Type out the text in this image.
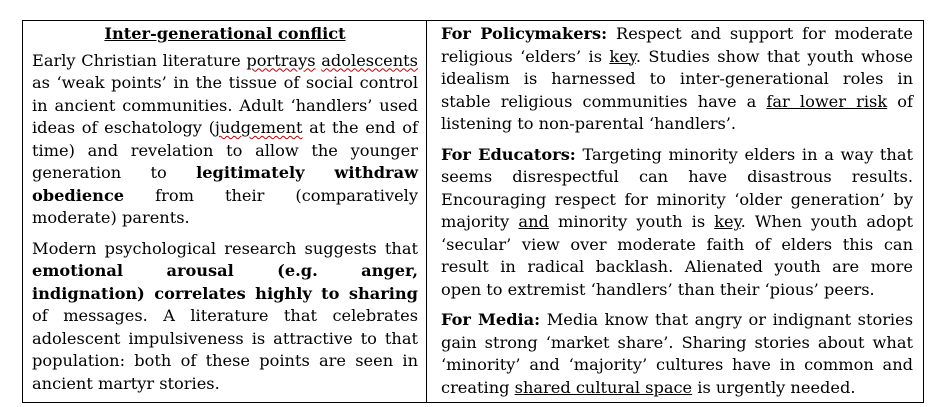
Inter-generational conflict

Early Christian literature portrays adolescents as ‘weak points’ in the tissue of social control in ancient communities. Adult ‘handlers’ used ideas of eschatology (judgement at the end of time) and revelation to allow the younger generation to legitimately withdraw obedience from their (comparatively moderate) parents.

Modern psychological research suggests that emotional arousal (e.g. anger, indignation) correlates highly to sharing of messages. A literature that celebrates adolescent impulsiveness is attractive to that population: both of these points are seen in ancient martyr stories.

For Policymakers: Respect and support for moderate religious ‘elders’ is key. Studies show that youth whose idealism is harnessed to inter-generational roles in stable religious communities have a far lower risk of listening to non-parental ‘handlers’.

For Educators: Targeting minority elders in a way that seems disrespectful can have disastrous results. Encouraging respect for minority ‘older generation’ by majority and minority youth is key. When youth adopt ‘secular’ view over moderate faith of elders this can result in radical backlash. Alienated youth are more open to extremist ‘handlers’ than their ‘pious’ peers.

For Media: Media know that angry or indignant stories gain strong ‘market share’. Sharing stories about what ‘minority’ and ‘majority’ cultures have in common and creating shared cultural space is urgently needed.
